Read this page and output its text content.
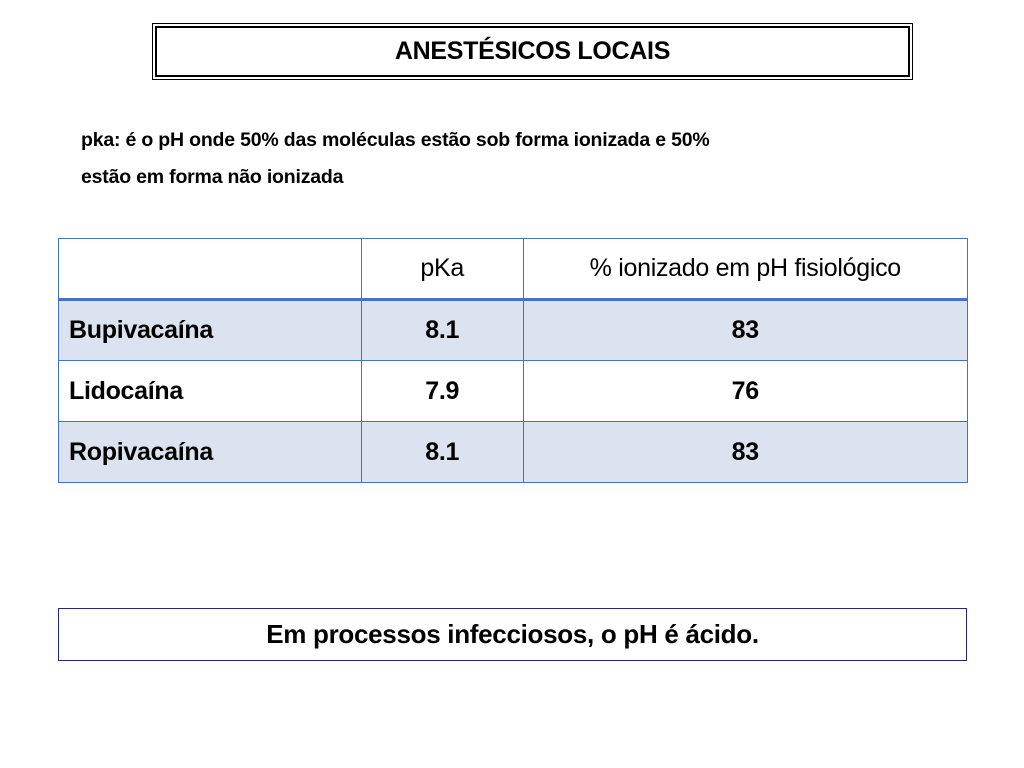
ANESTÉSICOS LOCAIS
pka: é o pH onde 50% das moléculas estão sob forma ionizada e 50%
estão em forma não ionizada
	pKa	% ionizado em pH fisiológico
Bupivacaína	8.1	83
Lidocaína	7.9	76
Ropivacaína	8.1	83
Em processos infecciosos, o pH é ácido.
